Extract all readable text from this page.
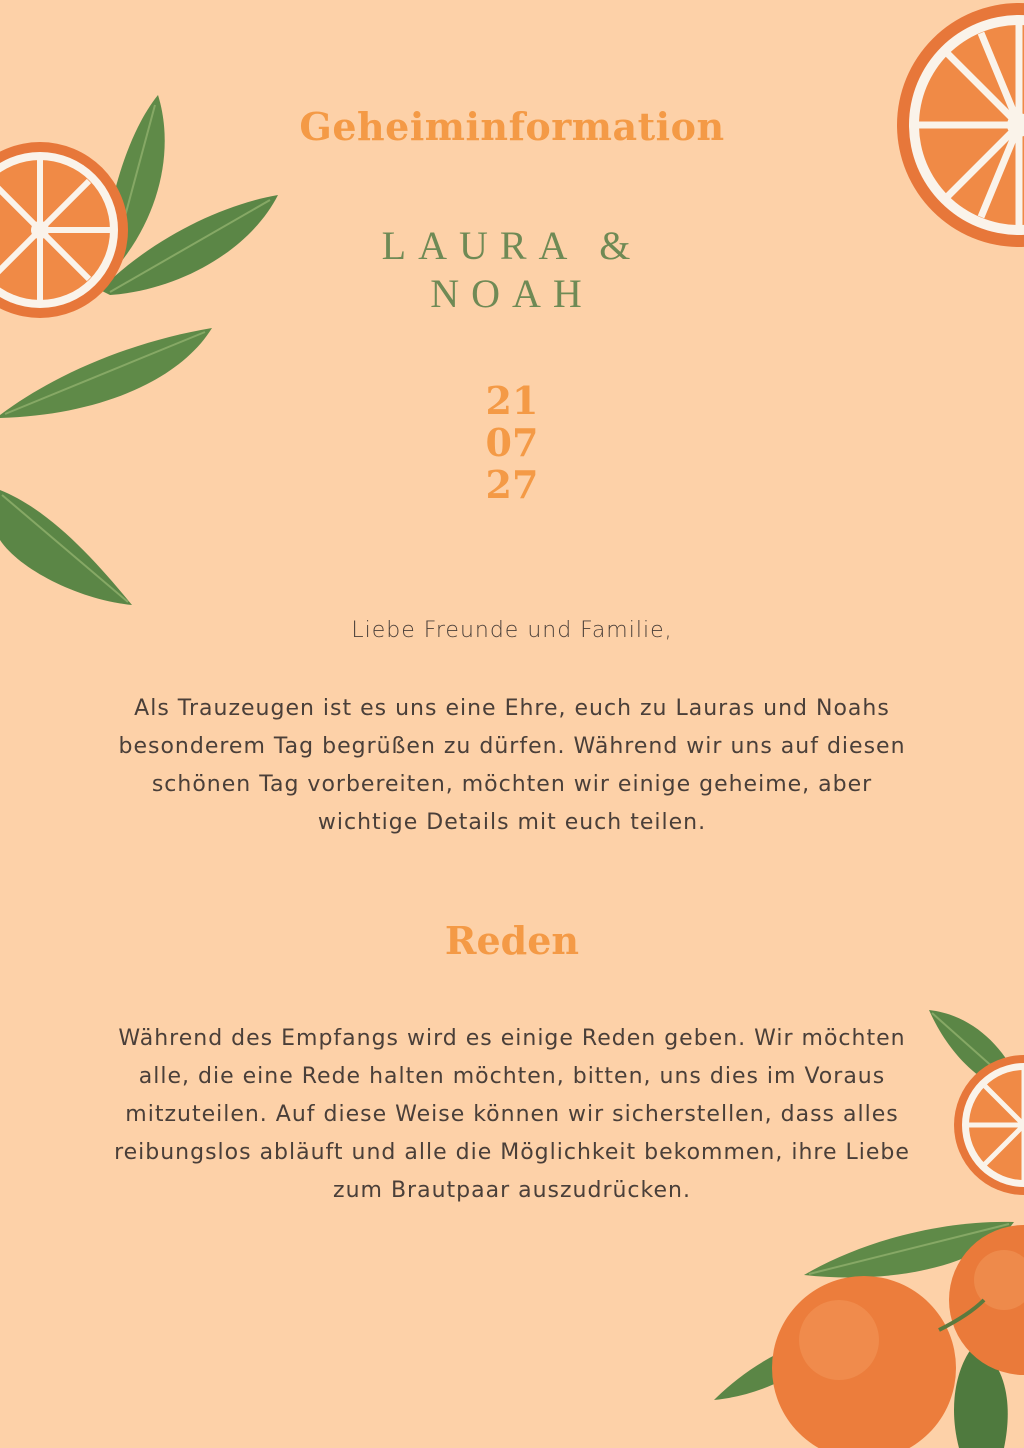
Geheiminformation
LAURA &
NOAH
21
07
27

Liebe Freunde und Familie,

Als Trauzeugen ist es uns eine Ehre, euch zu Lauras und Noahs besonderem Tag begrüßen zu dürfen. Während wir uns auf diesen schönen Tag vorbereiten, möchten wir einige geheime, aber wichtige Details mit euch teilen.

Reden

Während des Empfangs wird es einige Reden geben. Wir möchten alle, die eine Rede halten möchten, bitten, uns dies im Voraus mitzuteilen. Auf diese Weise können wir sicherstellen, dass alles reibungslos abläuft und alle die Möglichkeit bekommen, ihre Liebe zum Brautpaar auszudrücken.
